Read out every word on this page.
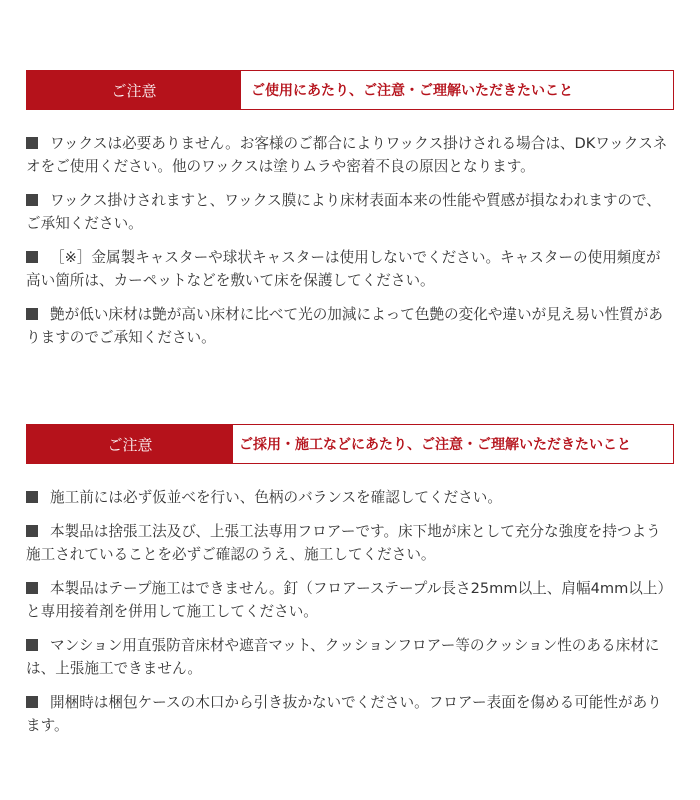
ご注意	ご使用にあたり、ご注意・ご理解いただきたいこと
ワックスは必要ありません。お客様のご都合によりワックス掛けされる場合は、DKワックスネオをご使用ください。他のワックスは塗りムラや密着不良の原因となります。
ワックス掛けされますと、ワックス膜により床材表面本来の性能や質感が損なわれますので、ご承知ください。
［※］金属製キャスターや球状キャスターは使用しないでください。キャスターの使用頻度が高い箇所は、カーペットなどを敷いて床を保護してください。
艶が低い床材は艶が高い床材に比べて光の加減によって色艶の変化や違いが見え易い性質がありますのでご承知ください。
ご注意	ご採用・施工などにあたり、ご注意・ご理解いただきたいこと
施工前には必ず仮並べを行い、色柄のバランスを確認してください。
本製品は捨張工法及び、上張工法専用フロアーです。床下地が床として充分な強度を持つよう施工されていることを必ずご確認のうえ、施工してください。
本製品はテープ施工はできません。釘（フロアーステープル長さ25mm以上、肩幅4mm以上）と専用接着剤を併用して施工してください。
マンション用直張防音床材や遮音マット、クッションフロアー等のクッション性のある床材には、上張施工できません。
開梱時は梱包ケースの木口から引き抜かないでください。フロアー表面を傷める可能性があります。
